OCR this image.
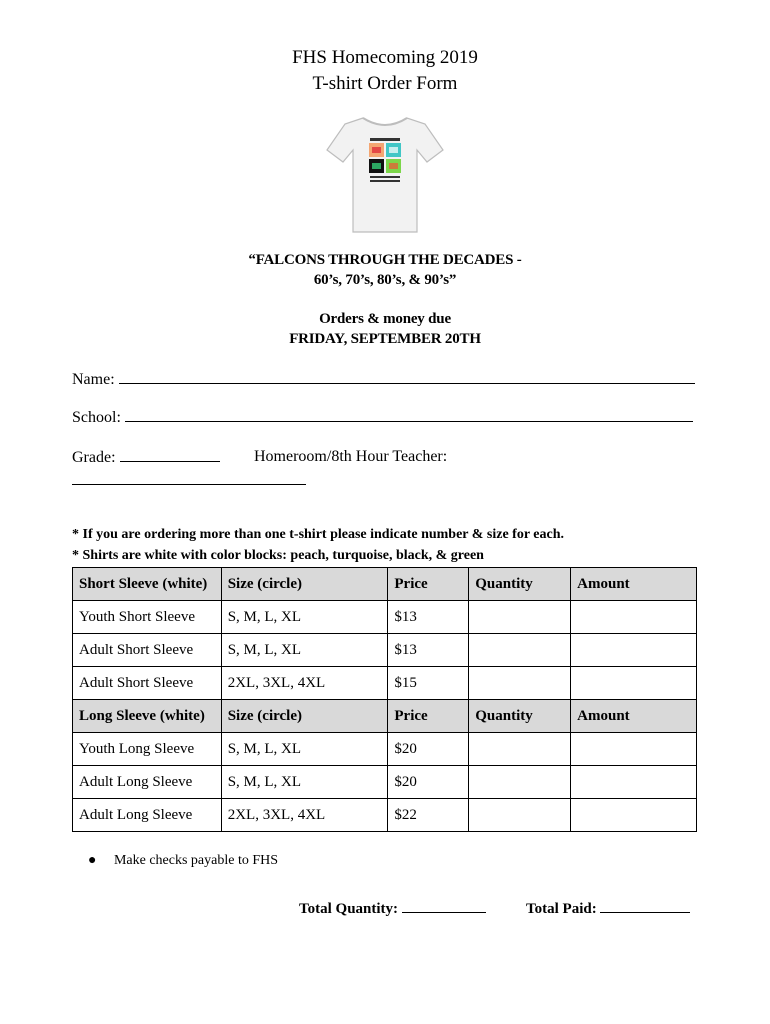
FHS Homecoming 2019
T-shirt Order Form
“FALCONS THROUGH THE DECADES -
60’s, 70’s, 80’s, & 90’s”
Orders & money due
FRIDAY, SEPTEMBER 20TH
Name:
School:
Grade:	Homeroom/8th Hour Teacher:
* If you are ordering more than one t-shirt please indicate number & size for each.
* Shirts are white with color blocks: peach, turquoise, black, & green
Short Sleeve (white)	Size (circle)	Price	Quantity	Amount
Youth Short Sleeve	S, M, L, XL	$13		
Adult Short Sleeve	S, M, L, XL	$13		
Adult Short Sleeve	2XL, 3XL, 4XL	$15		
Long Sleeve (white)	Size (circle)	Price	Quantity	Amount
Youth Long Sleeve	S, M, L, XL	$20		
Adult Long Sleeve	S, M, L, XL	$20		
Adult Long Sleeve	2XL, 3XL, 4XL	$22		
● Make checks payable to FHS
Total Quantity:	Total Paid:
